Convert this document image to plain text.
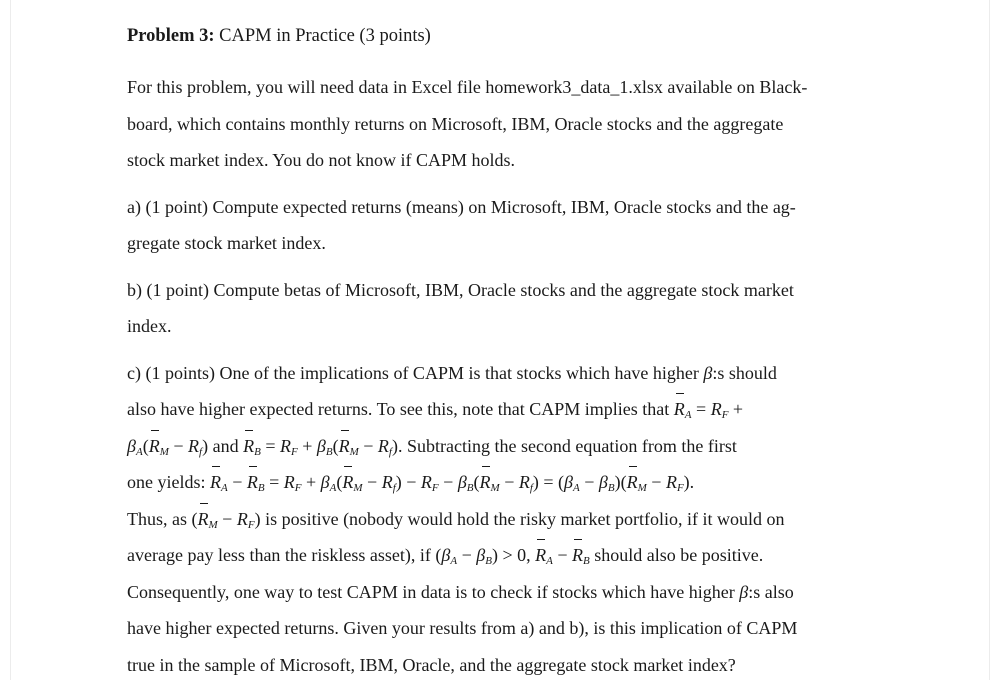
Problem 3: CAPM in Practice (3 points)
For this problem, you will need data in Excel file homework3_data_1.xlsx available on Black-
board, which contains monthly returns on Microsoft, IBM, Oracle stocks and the aggregate
stock market index. You do not know if CAPM holds.
a) (1 point) Compute expected returns (means) on Microsoft, IBM, Oracle stocks and the ag-
gregate stock market index.
b) (1 point) Compute betas of Microsoft, IBM, Oracle stocks and the aggregate stock market
index.
c) (1 points) One of the implications of CAPM is that stocks which have higher β:s should
also have higher expected returns. To see this, note that CAPM implies that $R_A = R_F$ +
$\beta_A(R_M - R_f)$ and $R_B = R_F + \beta_B(R_M - R_f)$. Subtracting the second equation from the first
one yields: $R_A - R_B = R_F + \beta_A(R_M - R_f) - R_F - \beta_B(R_M - R_f) = (\beta_A - \beta_B)(R_M - R_F)$.
Thus, as $(R_M - R_F)$ is positive (nobody would hold the risky market portfolio, if it would on
average pay less than the riskless asset), if $(\beta_A - \beta_B) > 0$, $R_A - R_B$ should also be positive.
Consequently, one way to test CAPM in data is to check if stocks which have higher β:s also
have higher expected returns. Given your results from a) and b), is this implication of CAPM
true in the sample of Microsoft, IBM, Oracle, and the aggregate stock market index?
